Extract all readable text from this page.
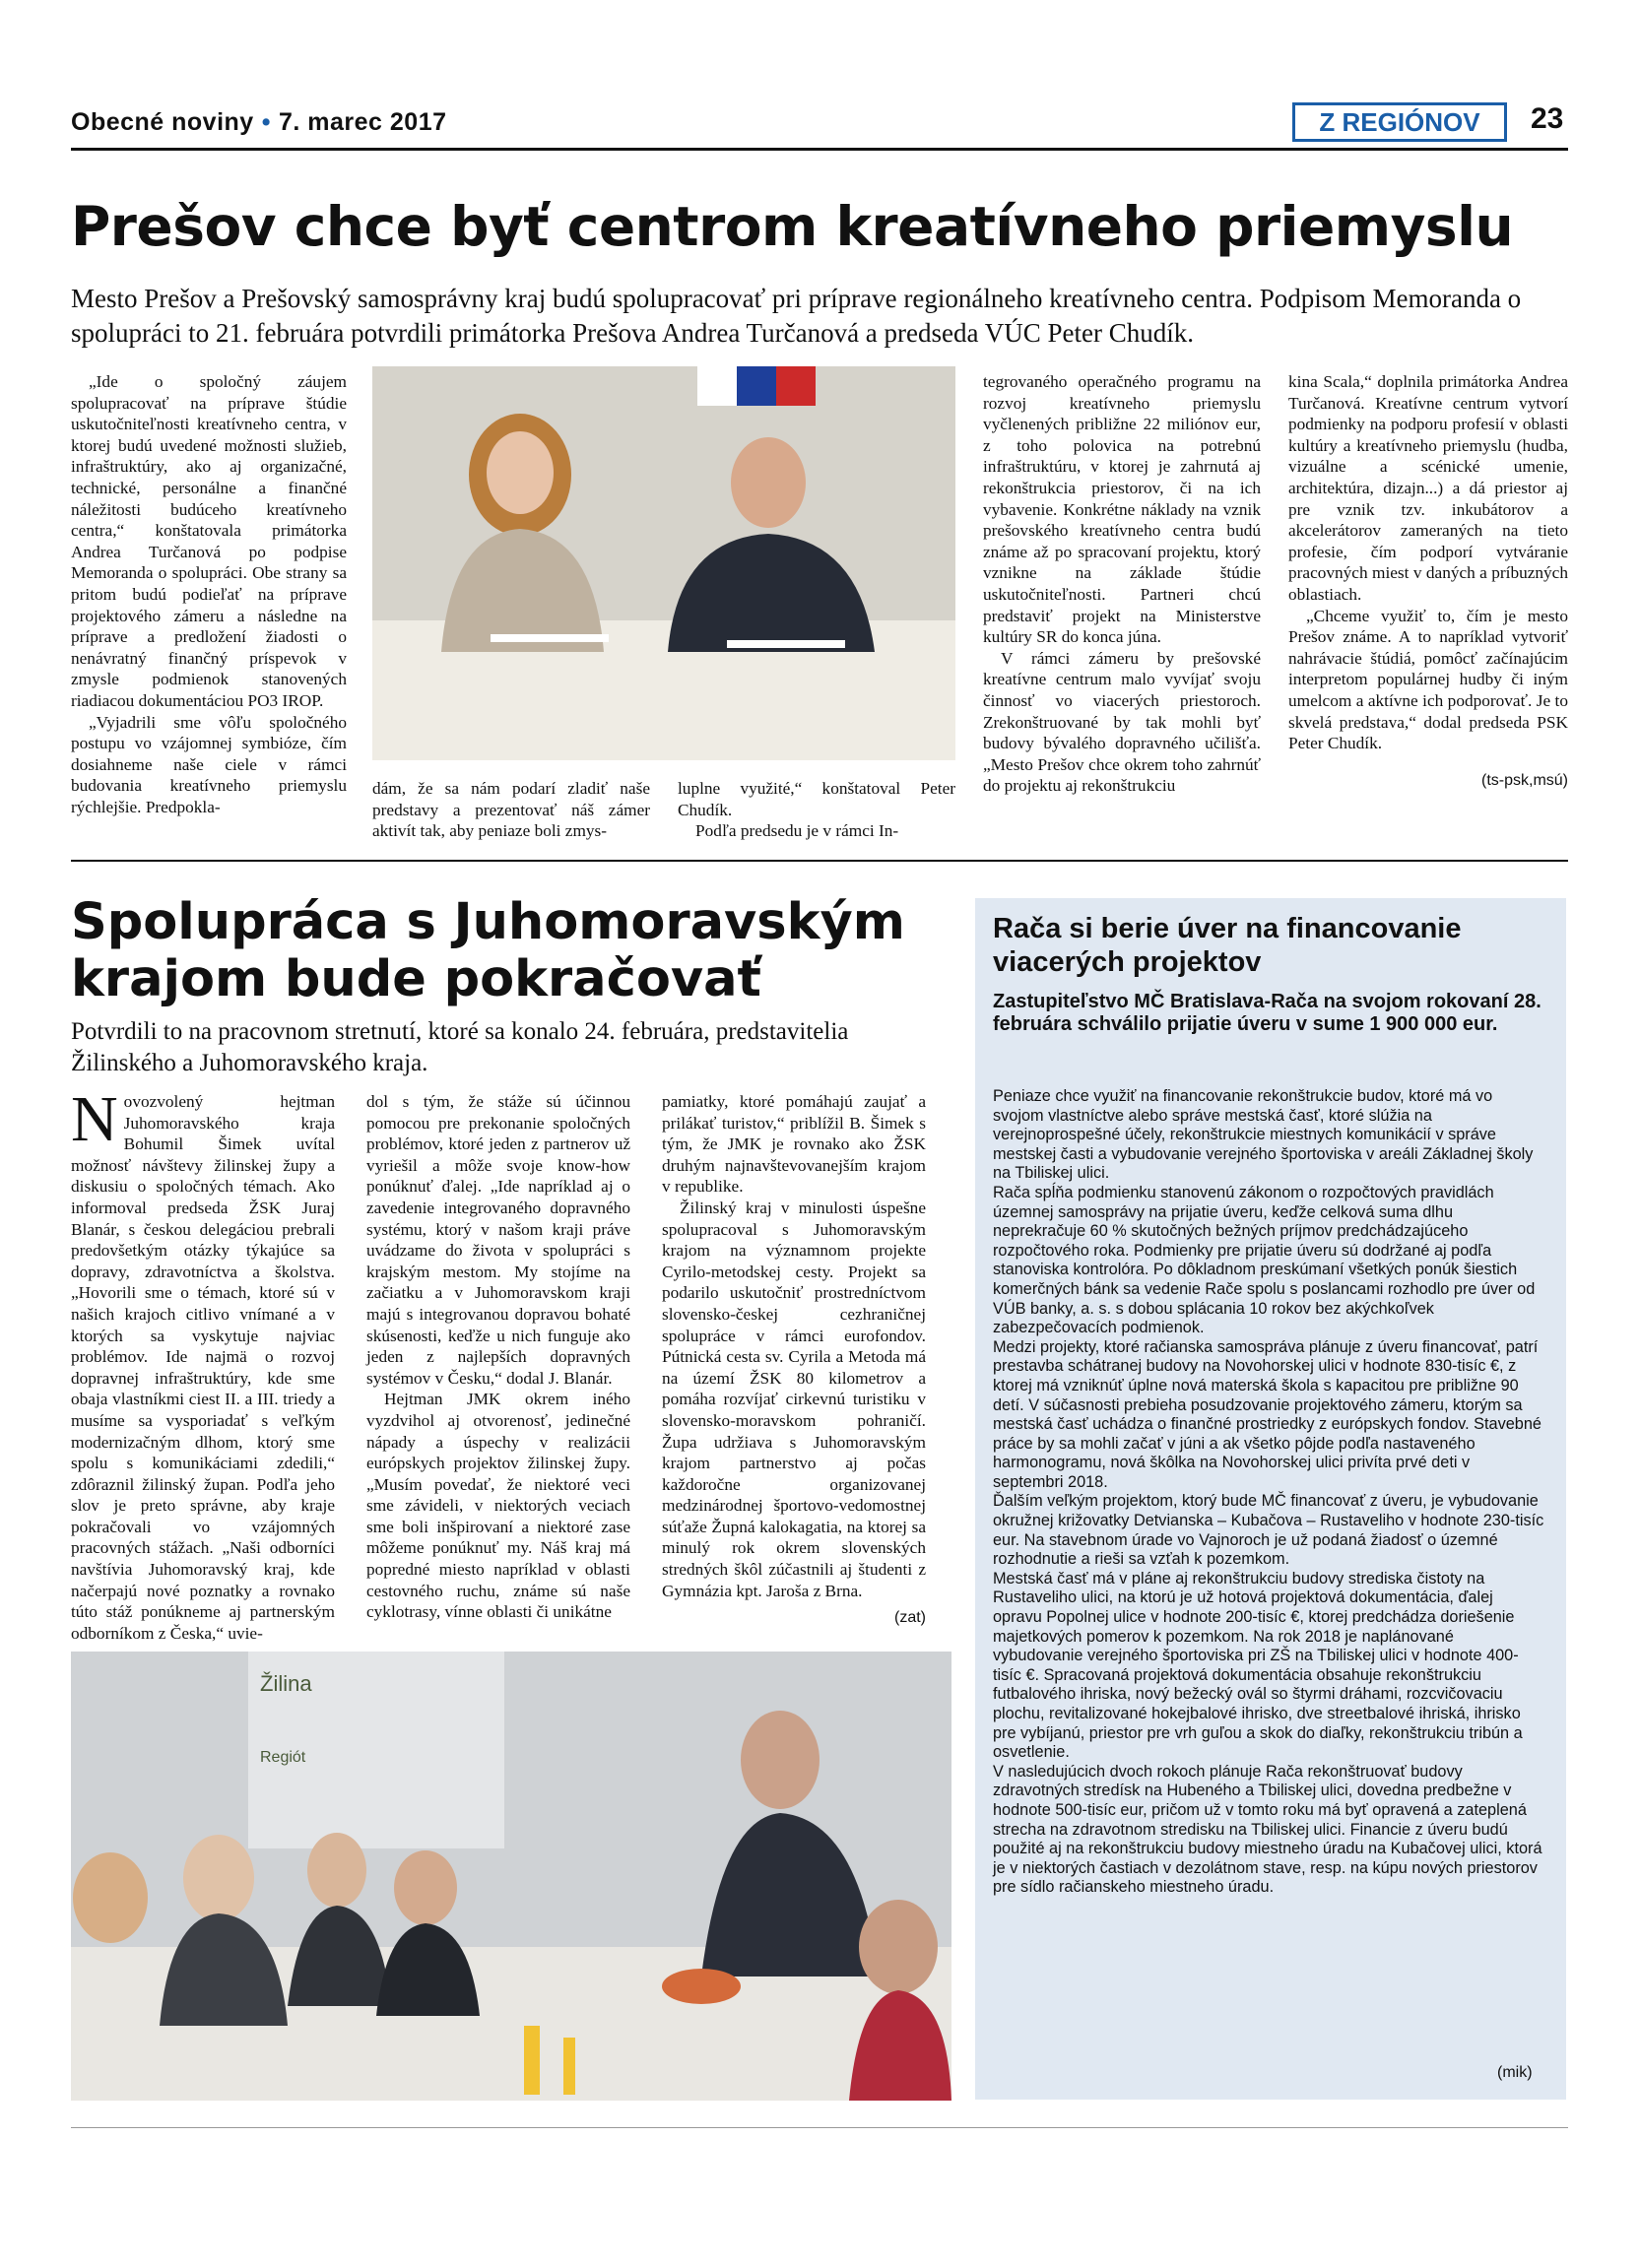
Obecné noviny • 7. marec 2017	Z REGIÓNOV	23
Prešov chce byť centrom kreatívneho priemyslu
Mesto Prešov a Prešovský samosprávny kraj budú spolupracovať pri príprave regionálneho kreatívneho centra. Podpisom Memoranda o spolupráci to 21. februára potvrdili primátorka Prešova Andrea Turčanová a predseda VÚC Peter Chudík.

„Ide o spoločný záujem spolupracovať na príprave štúdie uskutočniteľnosti kreatívneho centra, v ktorej budú uvedené možnosti služieb, infraštruktúry, ako aj organizačné, technické, personálne a finančné náležitosti budúceho kreatívneho centra,“ konštatovala primátorka Andrea Turčanová po podpise Memoranda o spolupráci. Obe strany sa pritom budú podieľať na príprave projektového zámeru a následne na príprave a predložení žiadosti o nenávratný finančný príspevok v zmysle podmienok stanovených riadiacou dokumentáciou PO3 IROP.

„Vyjadrili sme vôľu spoločného postupu vo vzájomnej symbióze, čím dosiahneme naše ciele v rámci budovania kreatívneho priemyslu rýchlejšie. Predpokla-

dám, že sa nám podarí zladiť naše predstavy a prezentovať náš zámer aktivít tak, aby peniaze boli zmys-

luplne využité,“ konštatoval Peter Chudík.

Podľa predsedu je v rámci In-

tegrovaného operačného programu na rozvoj kreatívneho priemyslu vyčlenených približne 22 miliónov eur, z toho polovica na potrebnú infraštruktúru, v ktorej je zahrnutá aj rekonštrukcia priestorov, či na ich vybavenie. Konkrétne náklady na vznik prešovského kreatívneho centra budú známe až po spracovaní projektu, ktorý vznikne na základe štúdie uskutočniteľnosti. Partneri chcú predstaviť projekt na Ministerstve kultúry SR do konca júna.

V rámci zámeru by prešovské kreatívne centrum malo vyvíjať svoju činnosť vo viacerých priestoroch. Zrekonštruované by tak mohli byť budovy bývalého dopravného učilišťa. „Mesto Prešov chce okrem toho zahrnúť do projektu aj rekonštrukciu

kina Scala,“ doplnila primátorka Andrea Turčanová. Kreatívne centrum vytvorí podmienky na podporu profesií v oblasti kultúry a kreatívneho priemyslu (hudba, vizuálne a scénické umenie, architektúra, dizajn...) a dá priestor aj pre vznik tzv. inkubátorov a akcelerátorov zameraných na tieto profesie, čím podporí vytváranie pracovných miest v daných a príbuzných oblastiach.

„Chceme využiť to, čím je mesto Prešov známe. A to napríklad vytvoriť nahrávacie štúdiá, pomôcť začínajúcim interpretom populárnej hudby či iným umelcom a aktívne ich podporovať. Je to skvelá predstava,“ dodal predseda PSK Peter Chudík.

(ts-psk,msú)
Spolupráca s Juhomoravským
krajom bude pokračovať
Potvrdili to na pracovnom stretnutí, ktoré sa konalo 24. februára, predstavitelia Žilinského a Juhomoravského kraja.
Novozvolený hejtman Juhomoravského kraja Bohumil Šimek uvítal možnosť návštevy žilinskej župy a diskusiu o spoločných témach. Ako informoval predseda ŽSK Juraj Blanár, s českou delegáciou prebrali predovšetkým otázky týkajúce sa dopravy, zdravotníctva a školstva. „Hovorili sme o témach, ktoré sú v našich krajoch citlivo vnímané a v ktorých sa vyskytuje najviac problémov. Ide najmä o rozvoj dopravnej infraštruktúry, kde sme obaja vlastníkmi ciest II. a III. triedy a musíme sa vysporiadať s veľkým modernizačným dlhom, ktorý sme spolu s komunikáciami zdedili,“ zdôraznil žilinský župan. Podľa jeho slov je preto správne, aby kraje pokračovali vo vzájomných pracovných stážach. „Naši odborníci navštívia Juhomoravský kraj, kde načerpajú nové poznatky a rovnako túto stáž ponúkneme aj partnerským odborníkom z Česka,“ uvie-

dol s tým, že stáže sú účinnou pomocou pre prekonanie spoločných problémov, ktoré jeden z partnerov už vyriešil a môže svoje know-how ponúknuť ďalej. „Ide napríklad aj o zavedenie integrovaného dopravného systému, ktorý v našom kraji práve uvádzame do života v spolupráci s krajským mestom. My stojíme na začiatku a v Juhomoravskom kraji majú s integrovanou dopravou bohaté skúsenosti, keďže u nich funguje ako jeden z najlepších dopravných systémov v Česku,“ dodal J. Blanár.

Hejtman JMK okrem iného vyzdvihol aj otvorenosť, jedinečné nápady a úspechy v realizácii európskych projektov žilinskej župy. „Musím povedať, že niektoré veci sme závideli, v niektorých veciach sme boli inšpirovaní a niektoré zase môžeme ponúknuť my. Náš kraj má popredné miesto napríklad v oblasti cestovného ruchu, známe sú naše cyklotrasy, vínne oblasti či unikátne

pamiatky, ktoré pomáhajú zaujať a prilákať turistov,“ priblížil B. Šimek s tým, že JMK je rovnako ako ŽSK druhým najnavštevovanejším krajom v republike.

Žilinský kraj v minulosti úspešne spolupracoval s Juhomoravským krajom na významnom projekte Cyrilo-metodskej cesty. Projekt sa podarilo uskutočniť prostredníctvom slovensko-českej cezhraničnej spolupráce v rámci eurofondov. Pútnická cesta sv. Cyrila a Metoda má na území ŽSK 80 kilometrov a pomáha rozvíjať cirkevnú turistiku v slovensko-moravskom pohraničí. Župa udržiava s Juhomoravským krajom partnerstvo aj počas každoročne organizovanej medzinárodnej športovo-vedomostnej súťaže Župná kalokagatia, na ktorej sa minulý rok okrem slovenských stredných škôl zúčastnili aj študenti z Gymnázia kpt. Jaroša z Brna.

(zat)
Žilina
Regiót
Rača si berie úver na financovanie viacerých projektov
Zastupiteľstvo MČ Bratislava-Rača na svojom rokovaní 28. februára schválilo prijatie úveru v sume 1 900 000 eur.

Peniaze chce využiť na financovanie rekonštrukcie budov, ktoré má vo svojom vlastníctve alebo správe mestská časť, ktoré slúžia na verejnoprospešné účely, rekonštrukcie miestnych komunikácií v správe mestskej časti a vybudovanie verejného športoviska v areáli Základnej školy na Tbiliskej ulici.

Rača spĺňa podmienku stanovenú zákonom o rozpočtových pravidlách územnej samosprávy na prijatie úveru, keďže celková suma dlhu neprekračuje 60 % skutočných bežných príjmov predchádzajúceho rozpočtového roka. Podmienky pre prijatie úveru sú dodržané aj podľa stanoviska kontrolóra. Po dôkladnom preskúmaní všetkých ponúk šiestich komerčných bánk sa vedenie Rače spolu s poslancami rozhodlo pre úver od VÚB banky, a. s. s dobou splácania 10 rokov bez akýchkoľvek zabezpečovacích podmienok.

Medzi projekty, ktoré račianska samospráva plánuje z úveru financovať, patrí prestavba schátranej budovy na Novohorskej ulici v hodnote 830-tisíc €, z ktorej má vzniknúť úplne nová materská škola s kapacitou pre približne 90 detí. V súčasnosti prebieha posudzovanie projektového zámeru, ktorým sa mestská časť uchádza o finančné prostriedky z európskych fondov. Stavebné práce by sa mohli začať v júni a ak všetko pôjde podľa nastaveného harmonogramu, nová škôlka na Novohorskej ulici privíta prvé deti v septembri 2018.

Ďalším veľkým projektom, ktorý bude MČ financovať z úveru, je vybudovanie okružnej križovatky Detvianska – Kubačova – Rustaveliho v hodnote 230-tisíc eur. Na stavebnom úrade vo Vajnoroch je už podaná žiadosť o územné rozhodnutie a rieši sa vzťah k pozemkom.

Mestská časť má v pláne aj rekonštrukciu budovy strediska čistoty na Rustaveliho ulici, na ktorú je už hotová projektová dokumentácia, ďalej opravu Popolnej ulice v hodnote 200-tisíc €, ktorej predchádza doriešenie majetkových pomerov k pozemkom. Na rok 2018 je naplánované vybudovanie verejného športoviska pri ZŠ na Tbiliskej ulici v hodnote 400-tisíc €. Spracovaná projektová dokumentácia obsahuje rekonštrukciu futbalového ihriska, nový bežecký ovál so štyrmi dráhami, rozcvičovaciu plochu, revitalizované hokejbalové ihrisko, dve streetbalové ihriská, ihrisko pre vybíjanú, priestor pre vrh guľou a skok do diaľky, rekonštrukciu tribún a osvetlenie.

V nasledujúcich dvoch rokoch plánuje Rača rekonštruovať budovy zdravotných stredísk na Hubeného a Tbiliskej ulici, dovedna predbežne v hodnote 500-tisíc eur, pričom už v tomto roku má byť opravená a zateplená strecha na zdravotnom stredisku na Tbiliskej ulici. Financie z úveru budú použité aj na rekonštrukciu budovy miestneho úradu na Kubačovej ulici, ktorá je v niektorých častiach v dezolátnom stave, resp. na kúpu nových priestorov pre sídlo račianskeho miestneho úradu.

(mik)
